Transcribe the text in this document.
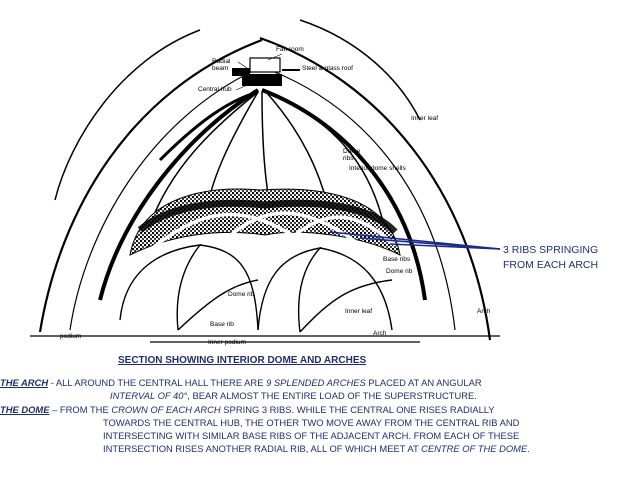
Fan room
Radial beam	Steel & glass roof
Central hub
Inner leaf
Dome ribs
Interior dome shells
Base ribs
Dome rib
Dome rib
Inner leaf
Arch
Arch
Base rib
podium
Inner podium
3 RIBS SPRINGING
FROM EACH ARCH
SECTION SHOWING INTERIOR DOME AND ARCHES
THE ARCH - ALL AROUND THE CENTRAL HALL THERE ARE 9 SPLENDED ARCHES PLACED AT AN ANGULAR
INTERVAL OF 40°, BEAR ALMOST THE ENTIRE LOAD OF THE SUPERSTRUCTURE.
THE DOME – FROM THE CROWN OF EACH ARCH SPRING 3 RIBS. WHILE THE CENTRAL ONE RISES RADIALLY
TOWARDS THE CENTRAL HUB, THE OTHER TWO MOVE AWAY FROM THE CENTRAL RIB AND
INTERSECTING WITH SIMILAR BASE RIBS OF THE ADJACENT ARCH. FROM EACH OF THESE
INTERSECTION RISES ANOTHER RADIAL RIB, ALL OF WHICH MEET AT CENTRE OF THE DOME.
